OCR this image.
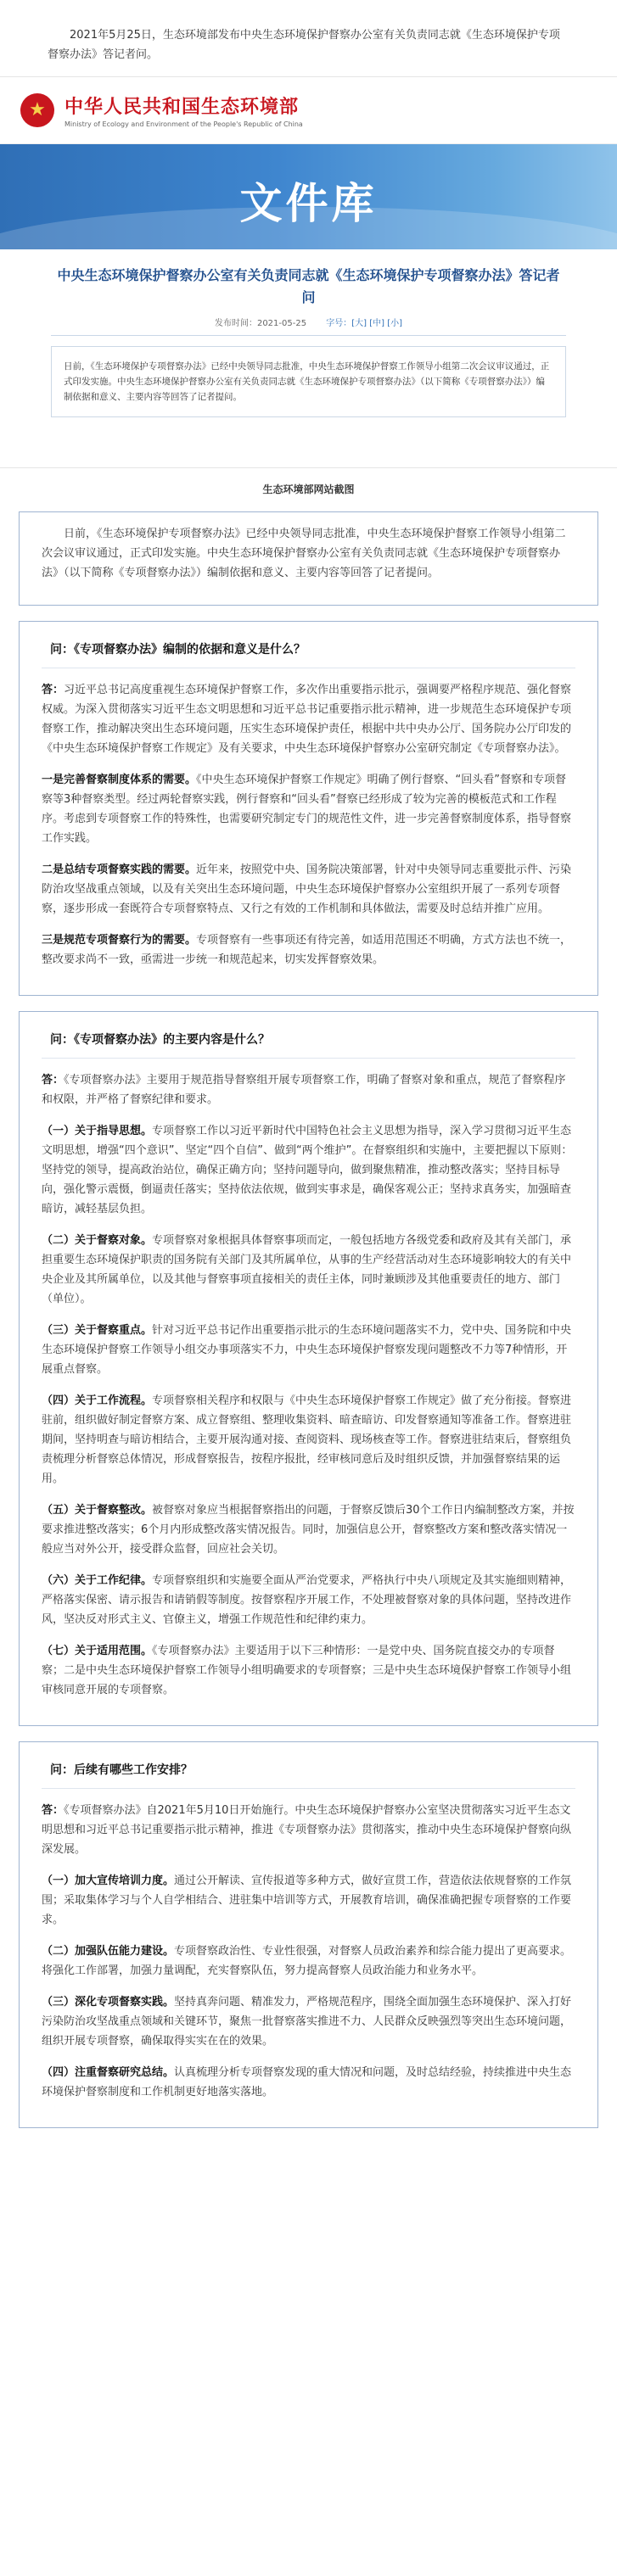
2021年5月25日，生态环境部发布中央生态环境保护督察办公室有关负责同志就《生态环境保护专项督察办法》答记者问。
★ 中华人民共和国生态环境部
Ministry of Ecology and Environment of the People's Republic of China
文件库
中央生态环境保护督察办公室有关负责同志就《生态环境保护专项督察办法》答记者问
发布时间：2021-05-25 字号：[大] [中] [小]
日前，《生态环境保护专项督察办法》已经中央领导同志批准，中央生态环境保护督察工作领导小组第二次会议审议通过，正式印发实施。中央生态环境保护督察办公室有关负责同志就《生态环境保护专项督察办法》（以下简称《专项督察办法》）编制依据和意义、主要内容等回答了记者提问。
生态环境部网站截图

日前，《生态环境保护专项督察办法》已经中央领导同志批准，中央生态环境保护督察工作领导小组第二次会议审议通过，正式印发实施。中央生态环境保护督察办公室有关负责同志就《生态环境保护专项督察办法》（以下简称《专项督察办法》）编制依据和意义、主要内容等回答了记者提问。

问：《专项督察办法》编制的依据和意义是什么？

答：习近平总书记高度重视生态环境保护督察工作，多次作出重要指示批示，强调要严格程序规范、强化督察权威。为深入贯彻落实习近平生态文明思想和习近平总书记重要指示批示精神，进一步规范生态环境保护专项督察工作，推动解决突出生态环境问题，压实生态环境保护责任，根据中共中央办公厅、国务院办公厅印发的《中央生态环境保护督察工作规定》及有关要求，中央生态环境保护督察办公室研究制定《专项督察办法》。

一是完善督察制度体系的需要。《中央生态环境保护督察工作规定》明确了例行督察、“回头看”督察和专项督察等3种督察类型。经过两轮督察实践，例行督察和“回头看”督察已经形成了较为完善的模板范式和工作程序。考虑到专项督察工作的特殊性，也需要研究制定专门的规范性文件，进一步完善督察制度体系，指导督察工作实践。

二是总结专项督察实践的需要。近年来，按照党中央、国务院决策部署，针对中央领导同志重要批示件、污染防治攻坚战重点领域，以及有关突出生态环境问题，中央生态环境保护督察办公室组织开展了一系列专项督察，逐步形成一套既符合专项督察特点、又行之有效的工作机制和具体做法，需要及时总结并推广应用。

三是规范专项督察行为的需要。专项督察有一些事项还有待完善，如适用范围还不明确，方式方法也不统一，整改要求尚不一致，亟需进一步统一和规范起来，切实发挥督察效果。

问：《专项督察办法》的主要内容是什么？

答：《专项督察办法》主要用于规范指导督察组开展专项督察工作，明确了督察对象和重点，规范了督察程序和权限，并严格了督察纪律和要求。

（一）关于指导思想。专项督察工作以习近平新时代中国特色社会主义思想为指导，深入学习贯彻习近平生态文明思想，增强“四个意识”、坚定“四个自信”、做到“两个维护”。在督察组织和实施中，主要把握以下原则：坚持党的领导，提高政治站位，确保正确方向；坚持问题导向，做到聚焦精准，推动整改落实；坚持目标导向，强化警示震慑，倒逼责任落实；坚持依法依规，做到实事求是，确保客观公正；坚持求真务实，加强暗查暗访，减轻基层负担。

（二）关于督察对象。专项督察对象根据具体督察事项而定，一般包括地方各级党委和政府及其有关部门，承担重要生态环境保护职责的国务院有关部门及其所属单位，从事的生产经营活动对生态环境影响较大的有关中央企业及其所属单位，以及其他与督察事项直接相关的责任主体，同时兼顾涉及其他重要责任的地方、部门（单位）。

（三）关于督察重点。针对习近平总书记作出重要指示批示的生态环境问题落实不力，党中央、国务院和中央生态环境保护督察工作领导小组交办事项落实不力，中央生态环境保护督察发现问题整改不力等7种情形，开展重点督察。

（四）关于工作流程。专项督察相关程序和权限与《中央生态环境保护督察工作规定》做了充分衔接。督察进驻前，组织做好制定督察方案、成立督察组、整理收集资料、暗查暗访、印发督察通知等准备工作。督察进驻期间，坚持明查与暗访相结合，主要开展沟通对接、查阅资料、现场核查等工作。督察进驻结束后，督察组负责梳理分析督察总体情况，形成督察报告，按程序报批，经审核同意后及时组织反馈，并加强督察结果的运用。

（五）关于督察整改。被督察对象应当根据督察指出的问题，于督察反馈后30个工作日内编制整改方案，并按要求推进整改落实；6个月内形成整改落实情况报告。同时，加强信息公开，督察整改方案和整改落实情况一般应当对外公开，接受群众监督，回应社会关切。

（六）关于工作纪律。专项督察组织和实施要全面从严治党要求，严格执行中央八项规定及其实施细则精神，严格落实保密、请示报告和请销假等制度。按督察程序开展工作，不处理被督察对象的具体问题，坚持改进作风，坚决反对形式主义、官僚主义，增强工作规范性和纪律约束力。

（七）关于适用范围。《专项督察办法》主要适用于以下三种情形：一是党中央、国务院直接交办的专项督察；二是中央生态环境保护督察工作领导小组明确要求的专项督察；三是中央生态环境保护督察工作领导小组审核同意开展的专项督察。

问：后续有哪些工作安排？

答：《专项督察办法》自2021年5月10日开始施行。中央生态环境保护督察办公室坚决贯彻落实习近平生态文明思想和习近平总书记重要指示批示精神，推进《专项督察办法》贯彻落实，推动中央生态环境保护督察向纵深发展。

（一）加大宣传培训力度。通过公开解读、宣传报道等多种方式，做好宣贯工作，营造依法依规督察的工作氛围；采取集体学习与个人自学相结合、进驻集中培训等方式，开展教育培训，确保准确把握专项督察的工作要求。

（二）加强队伍能力建设。专项督察政治性、专业性很强，对督察人员政治素养和综合能力提出了更高要求。将强化工作部署，加强力量调配，充实督察队伍，努力提高督察人员政治能力和业务水平。

（三）深化专项督察实践。坚持真奔问题、精准发力，严格规范程序，围绕全面加强生态环境保护、深入打好污染防治攻坚战重点领域和关键环节，聚焦一批督察落实推进不力、人民群众反映强烈等突出生态环境问题，组织开展专项督察，确保取得实实在在的效果。

（四）注重督察研究总结。认真梳理分析专项督察发现的重大情况和问题，及时总结经验，持续推进中央生态环境保护督察制度和工作机制更好地落实落地。
